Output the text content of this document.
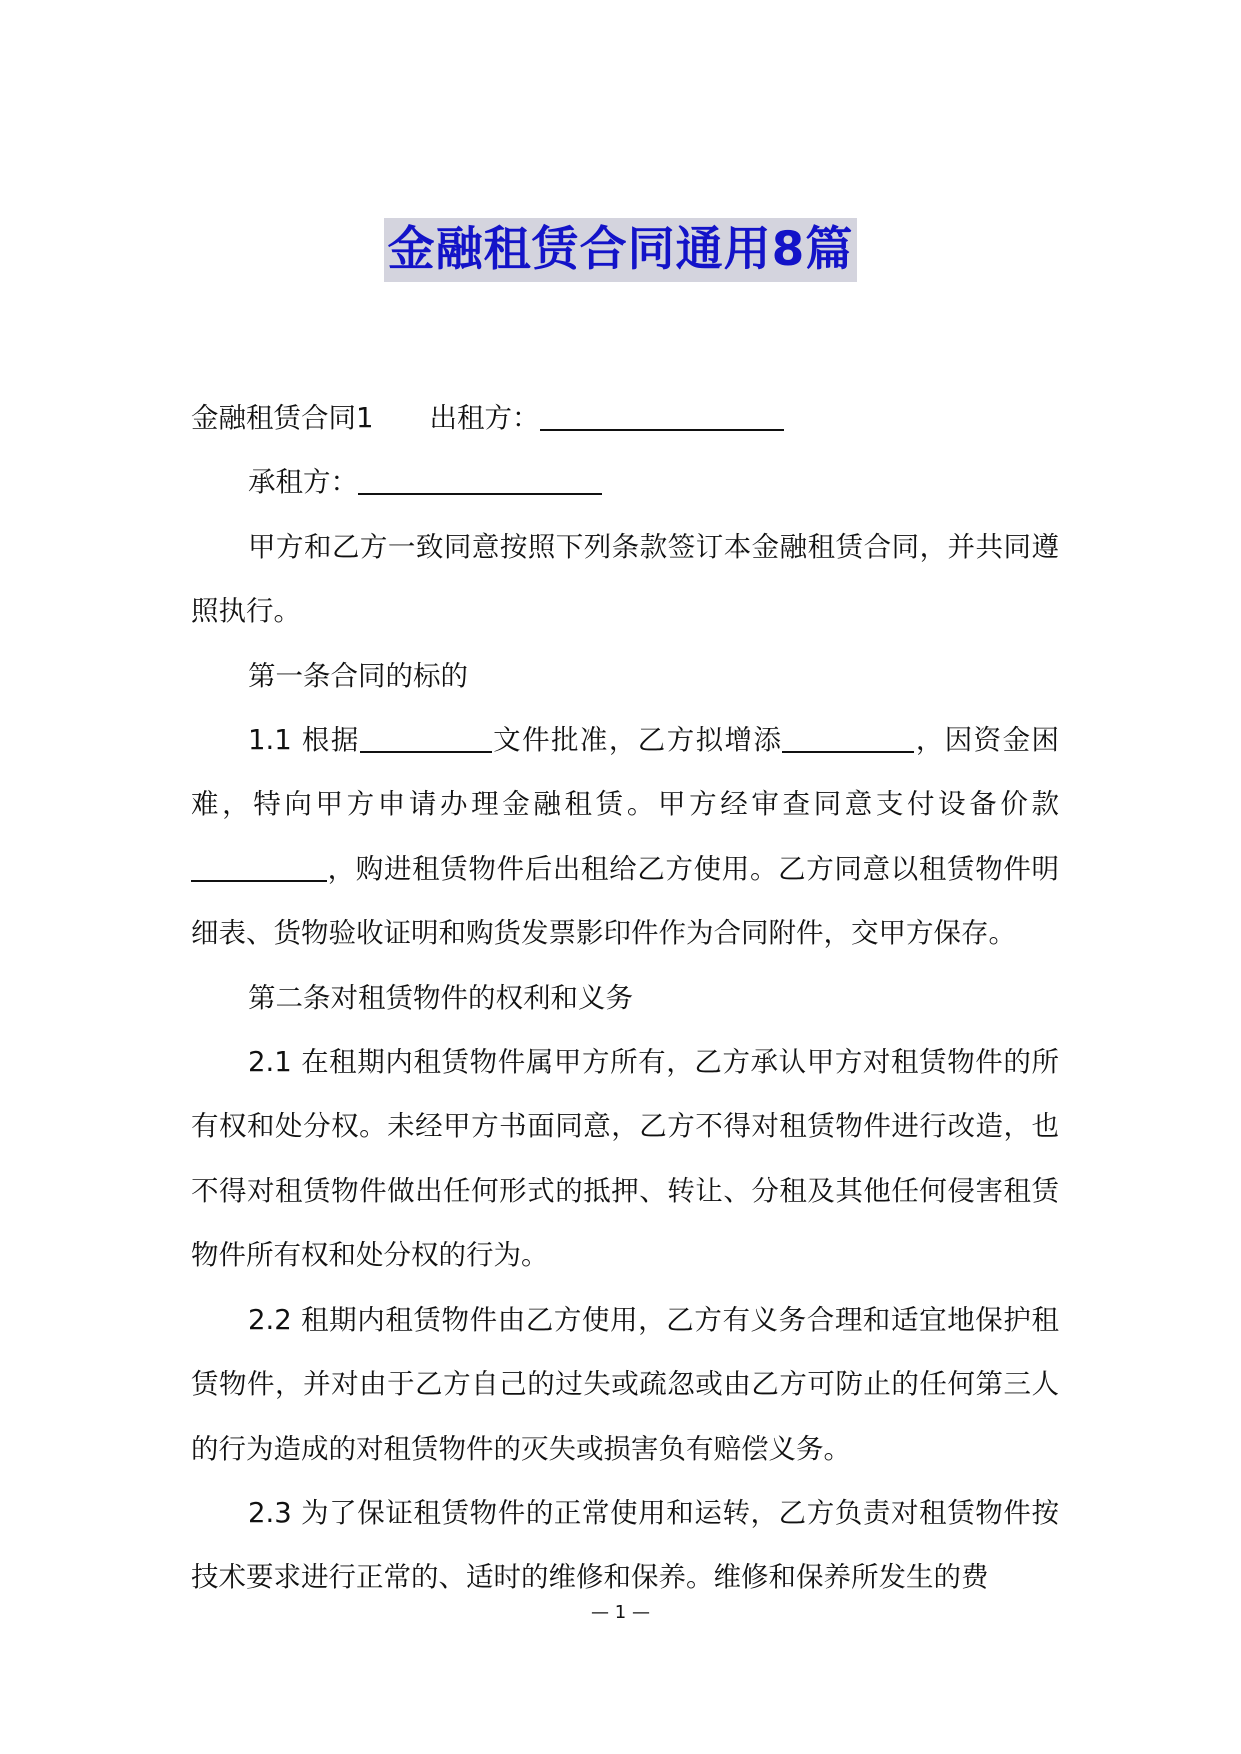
金融租赁合同通用8篇

金融租赁合同1 出租方：

承租方：

甲方和乙方一致同意按照下列条款签订本金融租赁合同，并共同遵照执行。

第一条合同的标的

1.1 根据	文件批准，乙方拟增添	，因资金困难，特向甲方申请办理金融租赁。甲方经审查同意支付设备价款，购进租赁物件后出租给乙方使用。乙方同意以租赁物件明细表、货物验收证明和购货发票影印件作为合同附件，交甲方保存。

第二条对租赁物件的权利和义务

2.1 在租期内租赁物件属甲方所有，乙方承认甲方对租赁物件的所有权和处分权。未经甲方书面同意，乙方不得对租赁物件进行改造，也不得对租赁物件做出任何形式的抵押、转让、分租及其他任何侵害租赁物件所有权和处分权的行为。

2.2 租期内租赁物件由乙方使用，乙方有义务合理和适宜地保护租赁物件，并对由于乙方自己的过失或疏忽或由乙方可防止的任何第三人的行为造成的对租赁物件的灭失或损害负有赔偿义务。

2.3 为了保证租赁物件的正常使用和运转，乙方负责对租赁物件按技术要求进行正常的、适时的维修和保养。维修和保养所发生的费

— 1 —
